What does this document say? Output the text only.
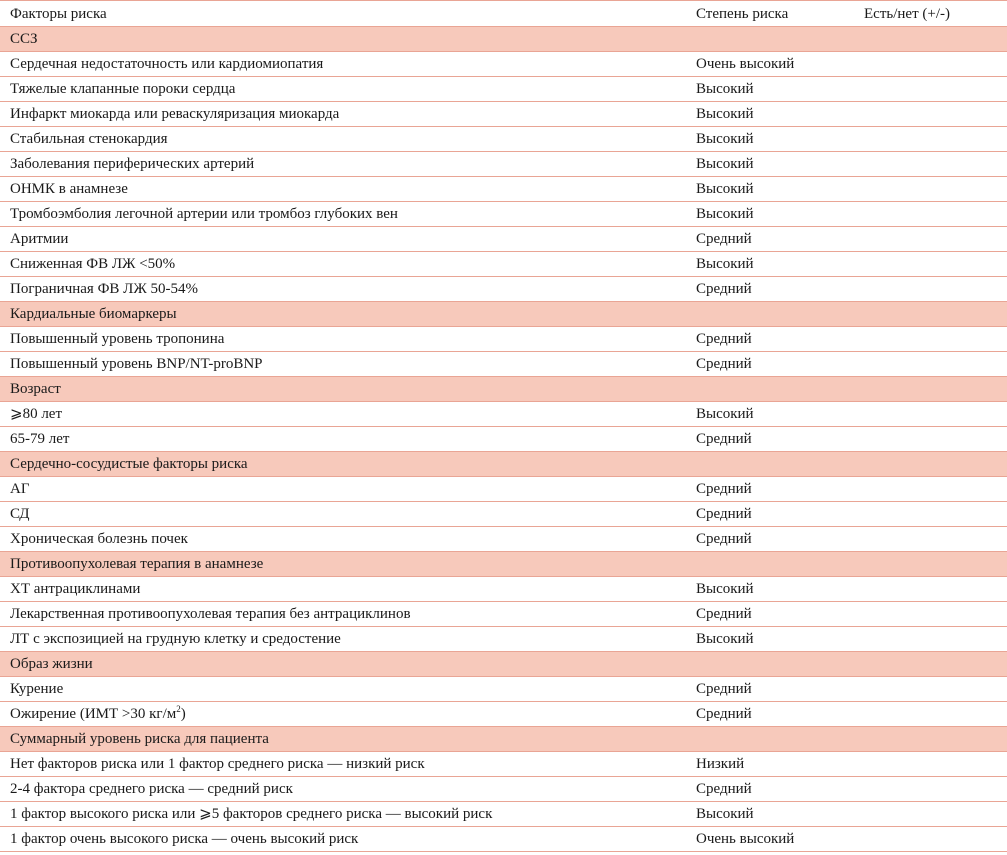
Факторы риска	Степень риска	Есть/нет (+/-)
ССЗ		
Сердечная недостаточность или кардиомиопатия	Очень высокий	
Тяжелые клапанные пороки сердца	Высокий	
Инфаркт миокарда или реваскуляризация миокарда	Высокий	
Стабильная стенокардия	Высокий	
Заболевания периферических артерий	Высокий	
ОНМК в анамнезе	Высокий	
Тромбоэмболия легочной артерии или тромбоз глубоких вен	Высокий	
Аритмии	Средний	
Сниженная ФВ ЛЖ <50%	Высокий	
Пограничная ФВ ЛЖ 50-54%	Средний	
Кардиальные биомаркеры		
Повышенный уровень тропонина	Средний	
Повышенный уровень BNP/NT-proBNP	Средний	
Возраст		
⩾80 лет	Высокий	
65-79 лет	Средний	
Сердечно-сосудистые факторы риска		
АГ	Средний	
СД	Средний	
Хроническая болезнь почек	Средний	
Противоопухолевая терапия в анамнезе		
ХТ антрациклинами	Высокий	
Лекарственная противоопухолевая терапия без антрациклинов	Средний	
ЛТ с экспозицией на грудную клетку и средостение	Высокий	
Образ жизни		
Курение	Средний	
Ожирение (ИМТ >30 $кг/м^2$)	Средний	
Суммарный уровень риска для пациента		
Нет факторов риска или 1 фактор среднего риска — низкий риск	Низкий	
2-4 фактора среднего риска — средний риск	Средний	
1 фактор высокого риска или ⩾5 факторов среднего риска — высокий риск	Высокий	
1 фактор очень высокого риска — очень высокий риск	Очень высокий	
